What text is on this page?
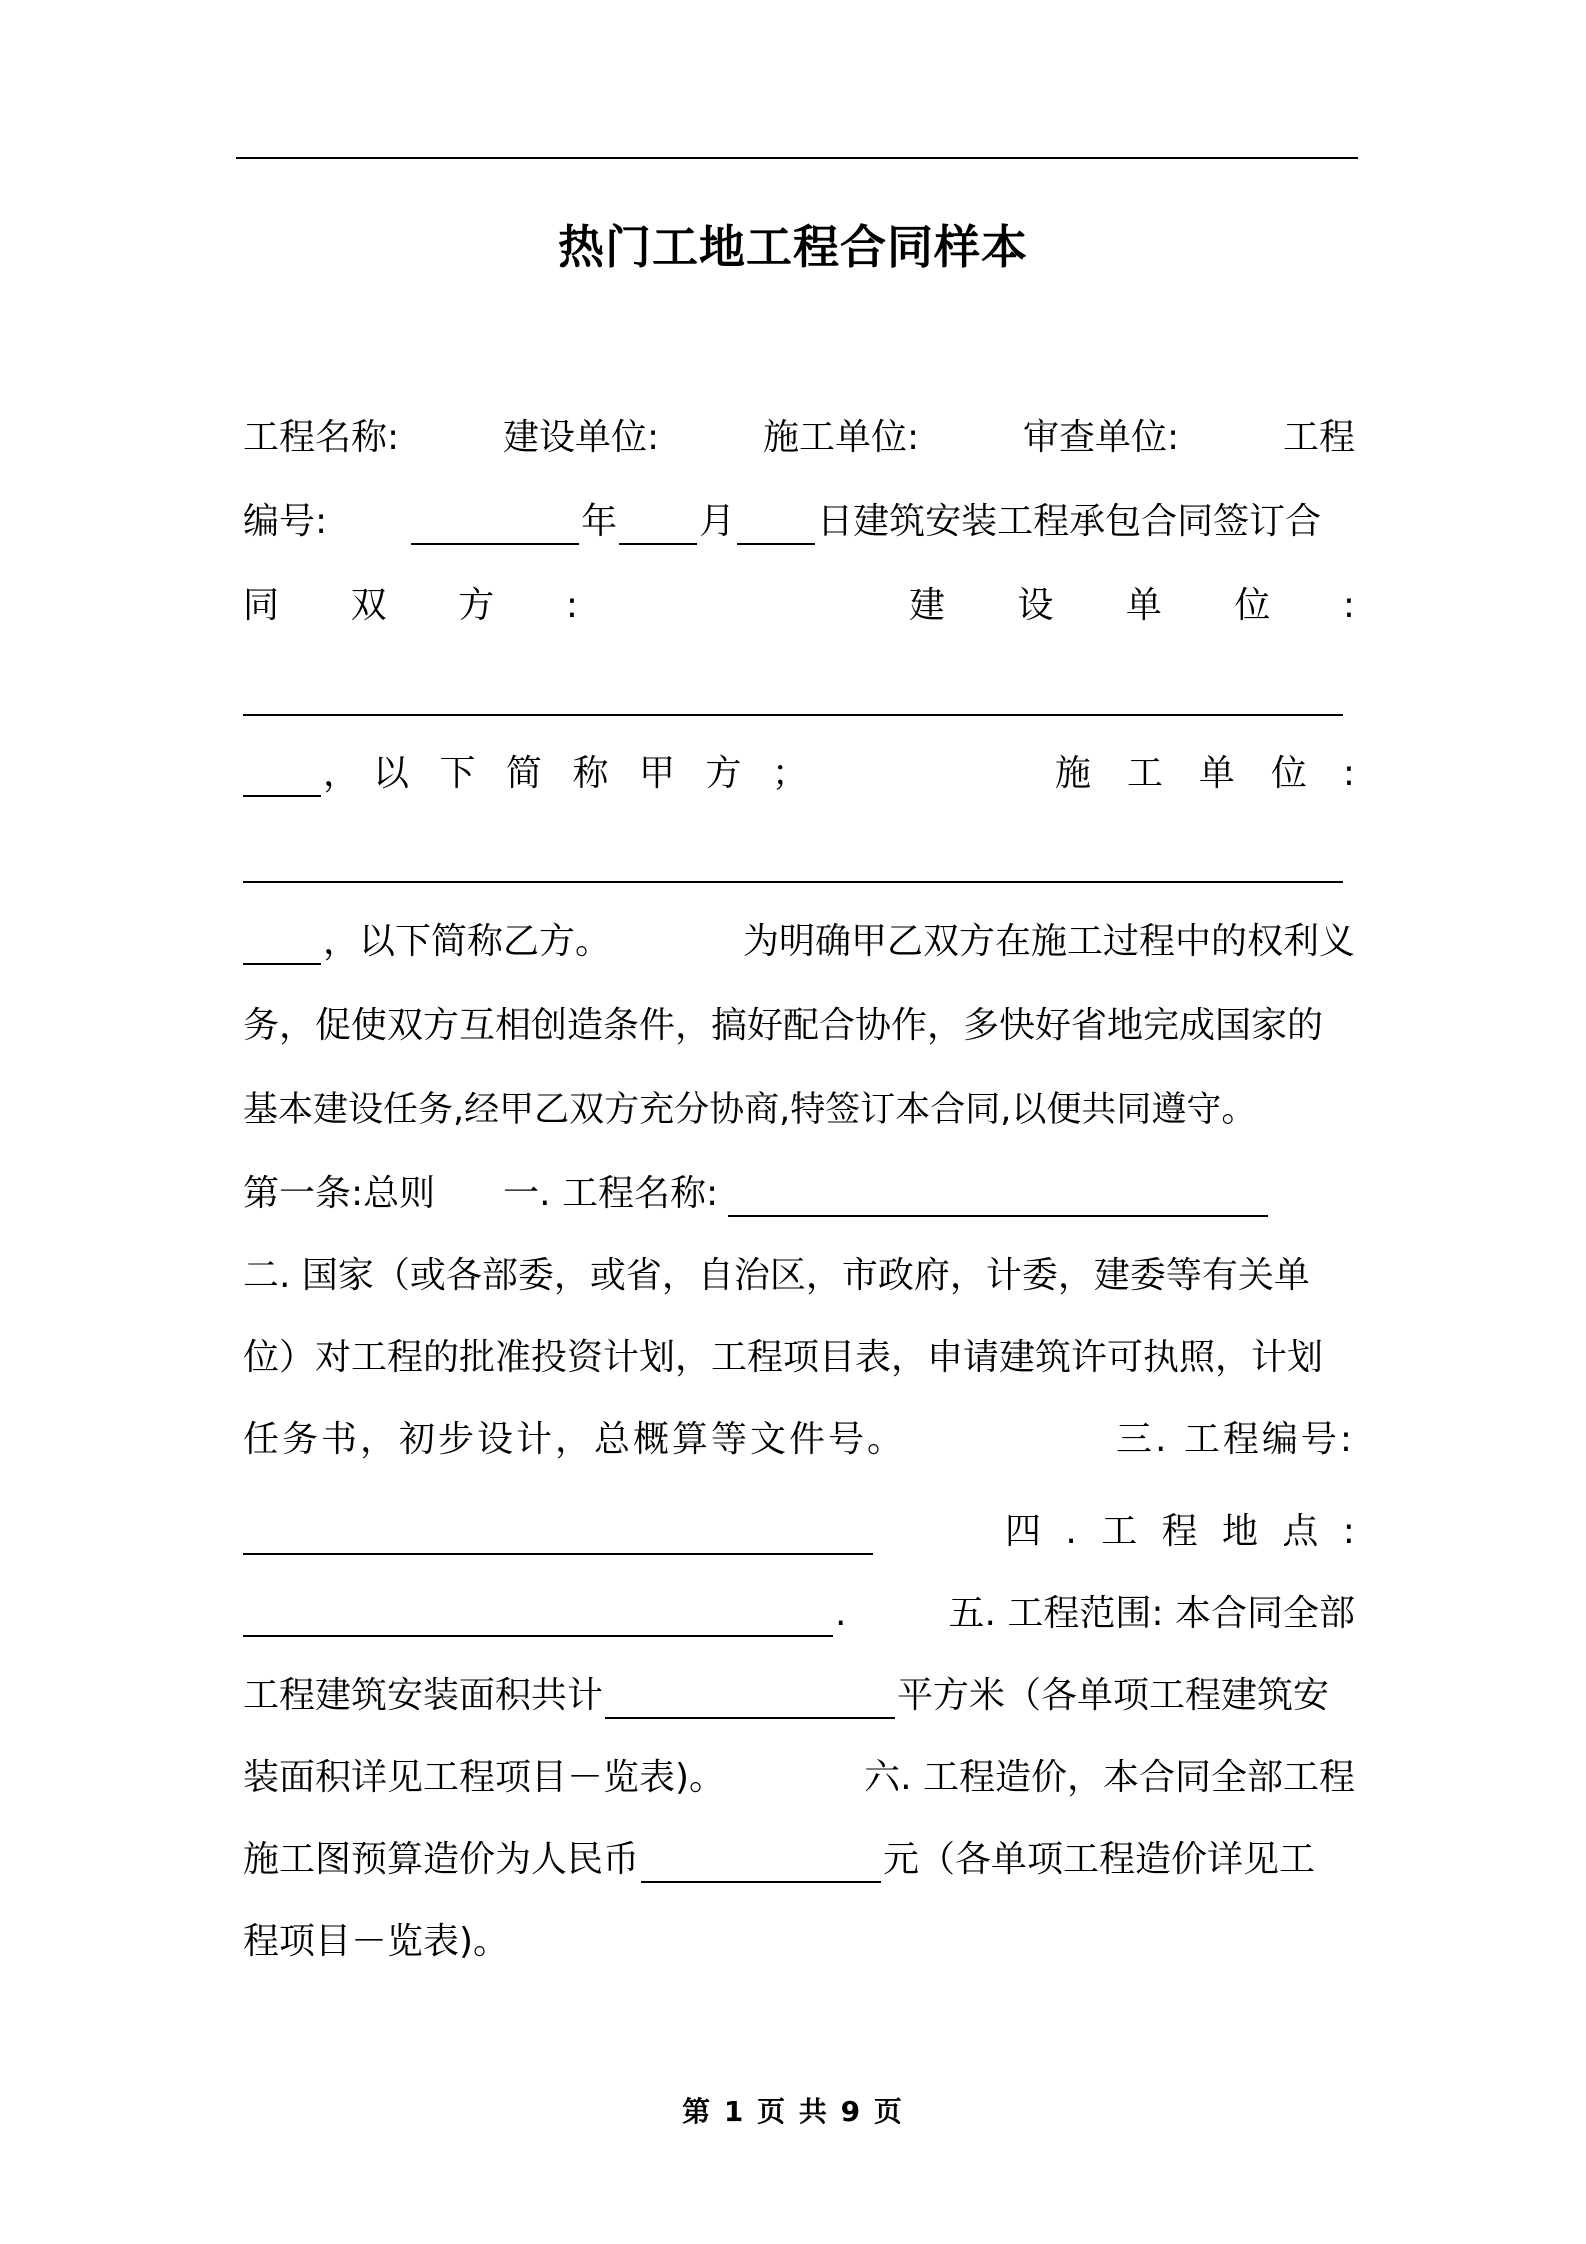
热门工地工程合同样本
工程名称:	建设单位:	施工单位:	审查单位:	工程
编号:	年 月 日建筑安装工程承包合同签订合
同 双 方 :	建 设 单 位 :
， 以 下 简 称 甲 方 ；	施 工 单 位 :
，以下简称乙方。	为明确甲乙双方在施工过程中的权利义
务，促使双方互相创造条件，搞好配合协作，多快好省地完成国家的
基本建设任务,经甲乙双方充分协商,特签订本合同,以便共同遵守。
第一条:总则 一. 工程名称:
二. 国家（或各部委，或省，自治区，市政府，计委，建委等有关单
位）对工程的批准投资计划，工程项目表，申请建筑许可执照，计划
任务书，初步设计，总概算等文件号。	三. 工程编号:
四 . 工 程 地 点 :
.	五. 工程范围: 本合同全部
工程建筑安装面积共计	平方米（各单项工程建筑安
装面积详见工程项目－览表)。	六. 工程造价，本合同全部工程
施工图预算造价为人民币	元（各单项工程造价详见工
程项目－览表)。
第 1 页 共 9 页
